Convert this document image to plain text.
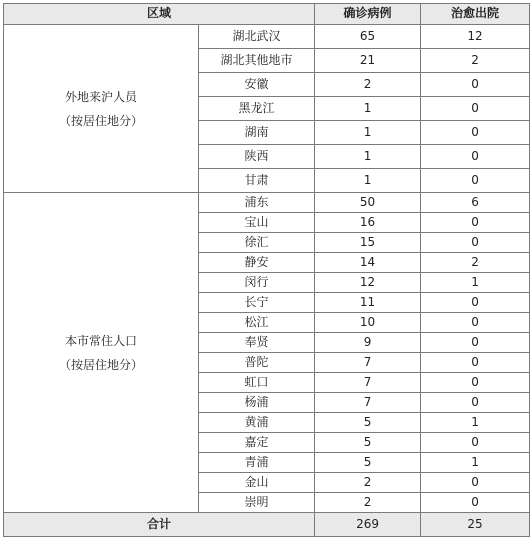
区域		确诊病例	治愈出院

外地来沪人员
（按居住地分）	湖北武汉	65	12
	湖北其他地市	21	2
	安徽	2	0
	黑龙江	1	0
	湖南	1	0
	陕西	1	0
	甘肃	1	0

本市常住人口
（按居住地分）	浦东	50	6
	宝山	16	0
	徐汇	15	0
	静安	14	2
	闵行	12	1
	长宁	11	0
	松江	10	0
	奉贤	9	0
	普陀	7	0
	虹口	7	0
	杨浦	7	0
	黄浦	5	1
	嘉定	5	0
	青浦	5	1
	金山	2	0
	崇明	2	0
合计		269	25
